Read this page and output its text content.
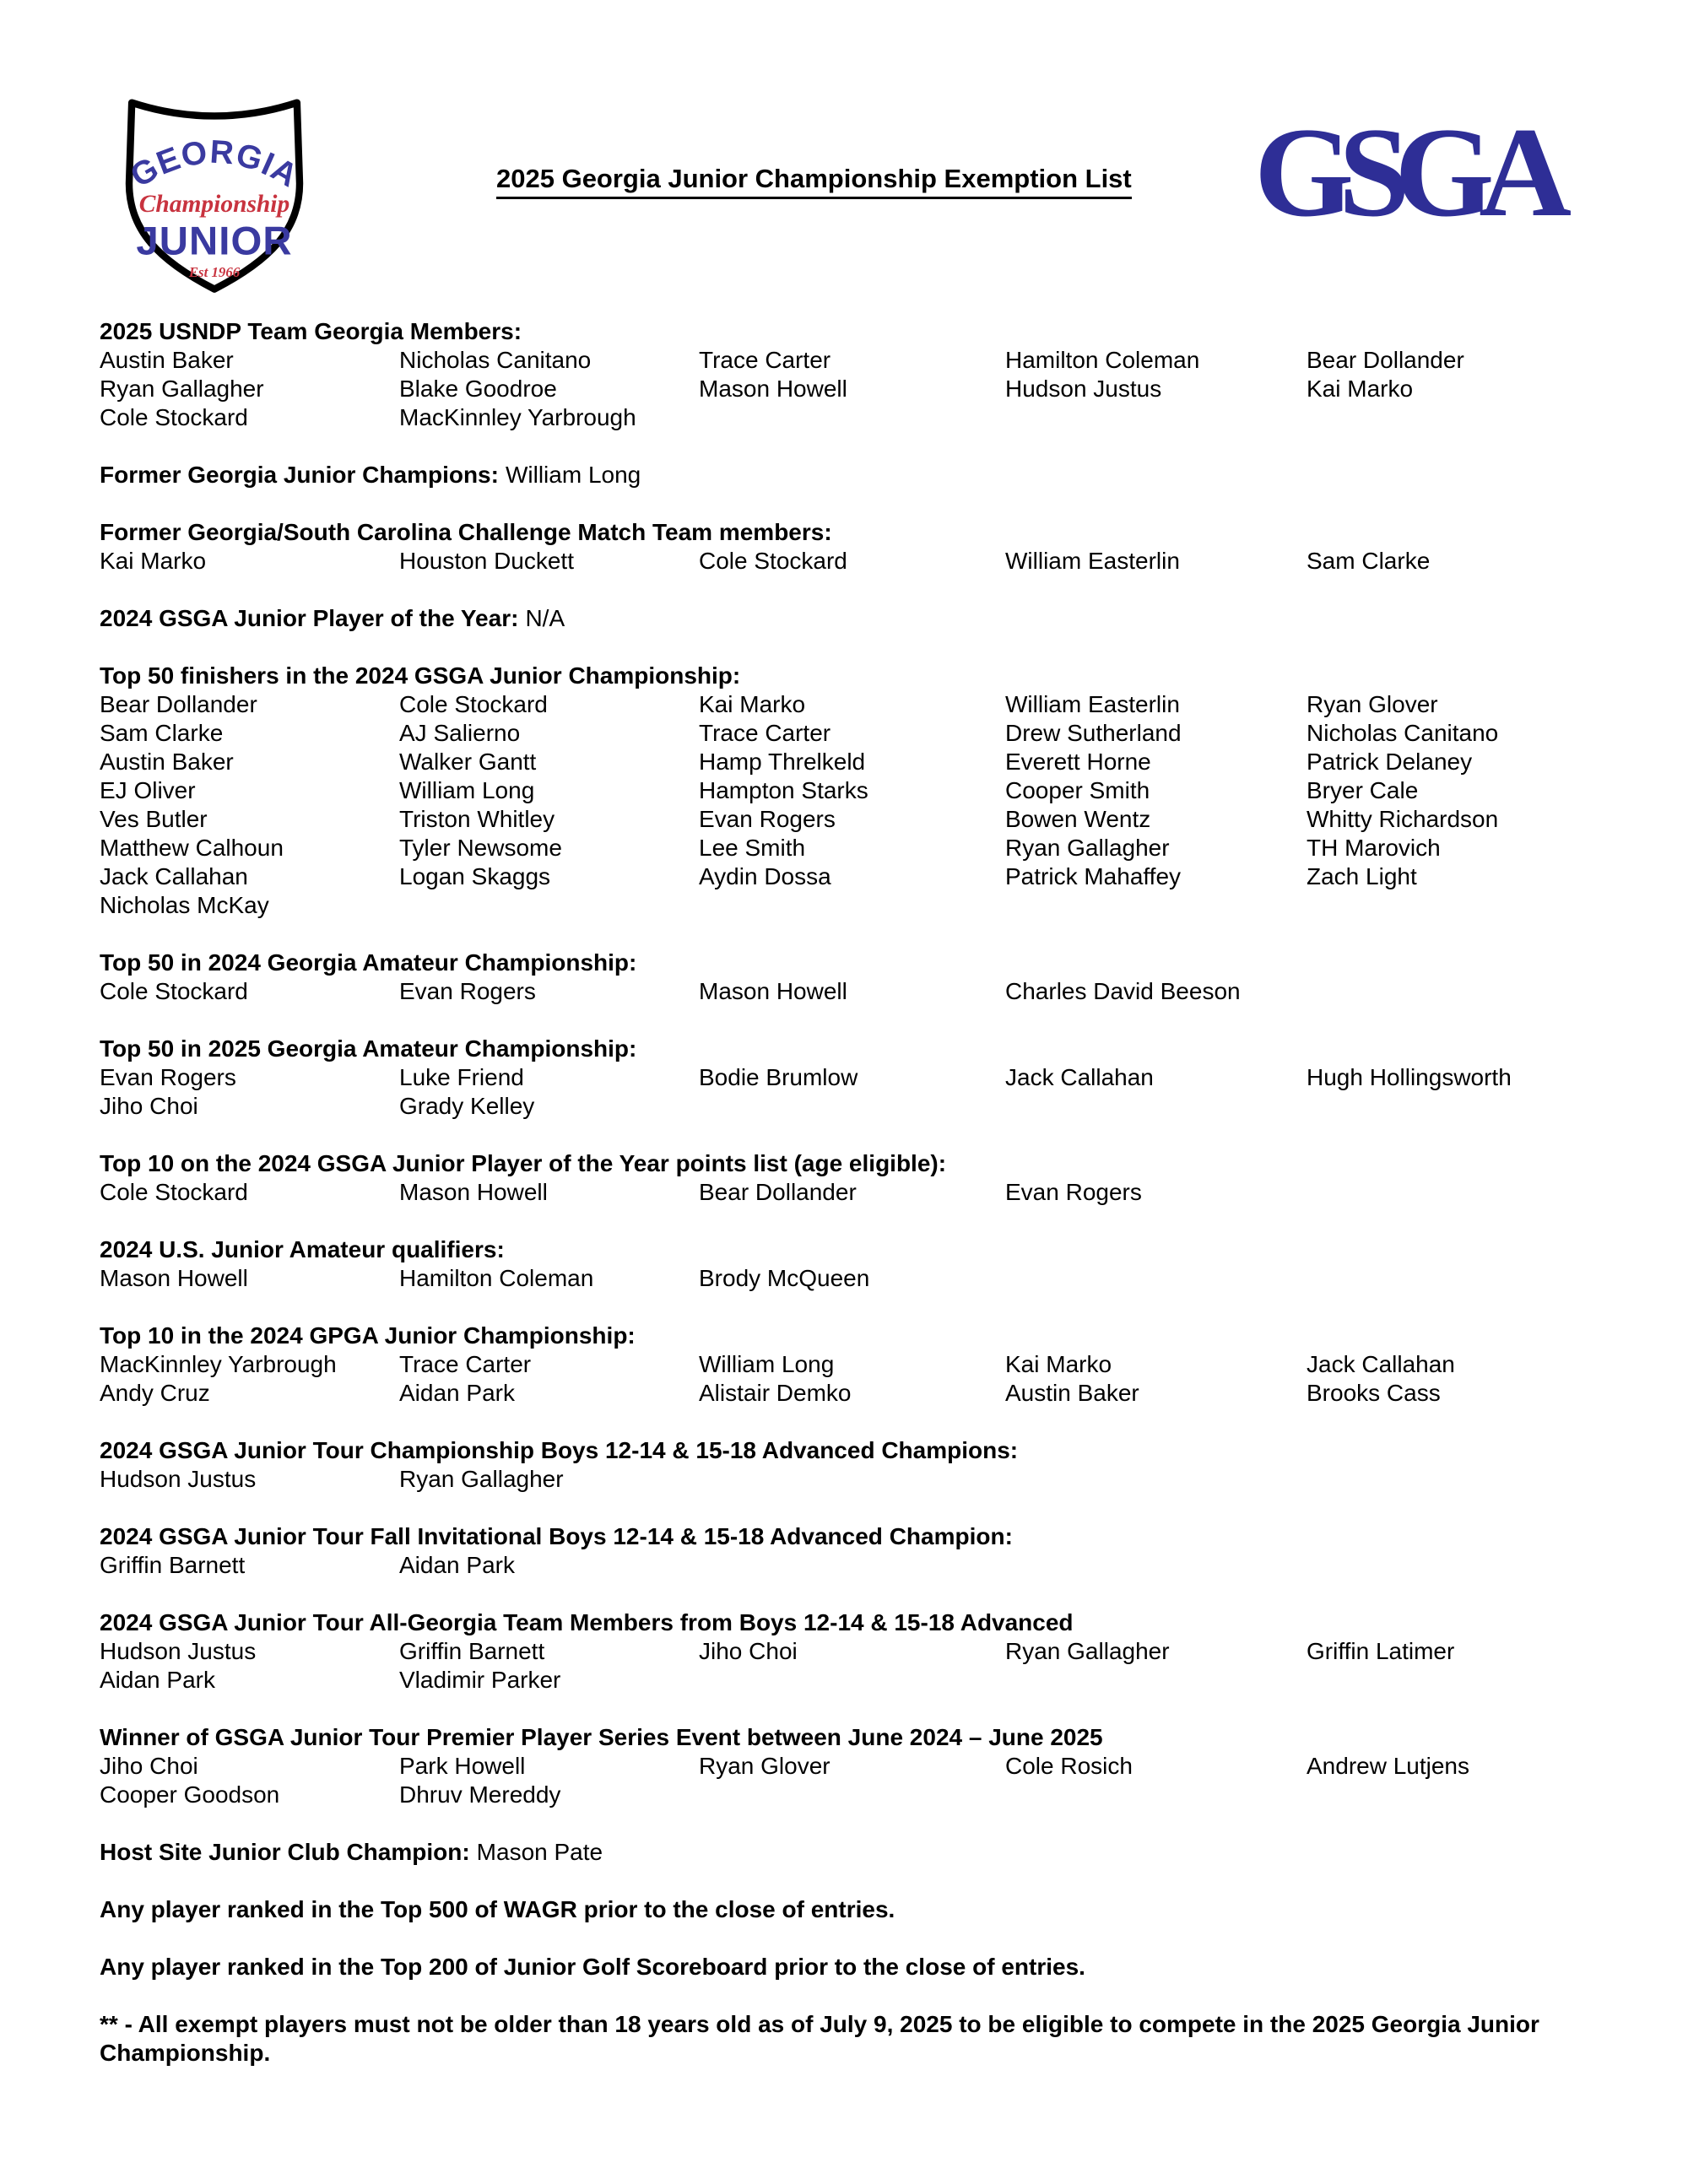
GEORGIA
Championship
JUNIOR
Est 1966
2025 Georgia Junior Championship Exemption List GSGA
2025 USNDP Team Georgia Members:
Austin Baker	Nicholas Canitano	Trace Carter	Hamilton Coleman	Bear Dollander
Ryan Gallagher	Blake Goodroe	Mason Howell	Hudson Justus	Kai Marko
Cole Stockard	MacKinnley Yarbrough
Former Georgia Junior Champions: William Long
Former Georgia/South Carolina Challenge Match Team members:
Kai Marko	Houston Duckett	Cole Stockard	William Easterlin	Sam Clarke
2024 GSGA Junior Player of the Year: N/A
Top 50 finishers in the 2024 GSGA Junior Championship:
Bear Dollander	Cole Stockard	Kai Marko	William Easterlin	Ryan Glover
Sam Clarke	AJ Salierno	Trace Carter	Drew Sutherland	Nicholas Canitano
Austin Baker	Walker Gantt	Hamp Threlkeld	Everett Horne	Patrick Delaney
EJ Oliver	William Long	Hampton Starks	Cooper Smith	Bryer Cale
Ves Butler	Triston Whitley	Evan Rogers	Bowen Wentz	Whitty Richardson
Matthew Calhoun	Tyler Newsome	Lee Smith	Ryan Gallagher	TH Marovich
Jack Callahan	Logan Skaggs	Aydin Dossa	Patrick Mahaffey	Zach Light
Nicholas McKay
Top 50 in 2024 Georgia Amateur Championship:
Cole Stockard	Evan Rogers	Mason Howell	Charles David Beeson
Top 50 in 2025 Georgia Amateur Championship:
Evan Rogers	Luke Friend	Bodie Brumlow	Jack Callahan	Hugh Hollingsworth
Jiho Choi	Grady Kelley
Top 10 on the 2024 GSGA Junior Player of the Year points list (age eligible):
Cole Stockard	Mason Howell	Bear Dollander	Evan Rogers
2024 U.S. Junior Amateur qualifiers:
Mason Howell	Hamilton Coleman	Brody McQueen
Top 10 in the 2024 GPGA Junior Championship:
MacKinnley Yarbrough	Trace Carter	William Long	Kai Marko	Jack Callahan
Andy Cruz	Aidan Park	Alistair Demko	Austin Baker	Brooks Cass
2024 GSGA Junior Tour Championship Boys 12-14 & 15-18 Advanced Champions:
Hudson Justus	Ryan Gallagher
2024 GSGA Junior Tour Fall Invitational Boys 12-14 & 15-18 Advanced Champion:
Griffin Barnett	Aidan Park
2024 GSGA Junior Tour All-Georgia Team Members from Boys 12-14 & 15-18 Advanced
Hudson Justus	Griffin Barnett	Jiho Choi	Ryan Gallagher	Griffin Latimer
Aidan Park	Vladimir Parker
Winner of GSGA Junior Tour Premier Player Series Event between June 2024 – June 2025
Jiho Choi	Park Howell	Ryan Glover	Cole Rosich	Andrew Lutjens
Cooper Goodson	Dhruv Mereddy
Host Site Junior Club Champion: Mason Pate
Any player ranked in the Top 500 of WAGR prior to the close of entries.
Any player ranked in the Top 200 of Junior Golf Scoreboard prior to the close of entries.
** - All exempt players must not be older than 18 years old as of July 9, 2025 to be eligible to compete in the 2025 Georgia Junior Championship.
